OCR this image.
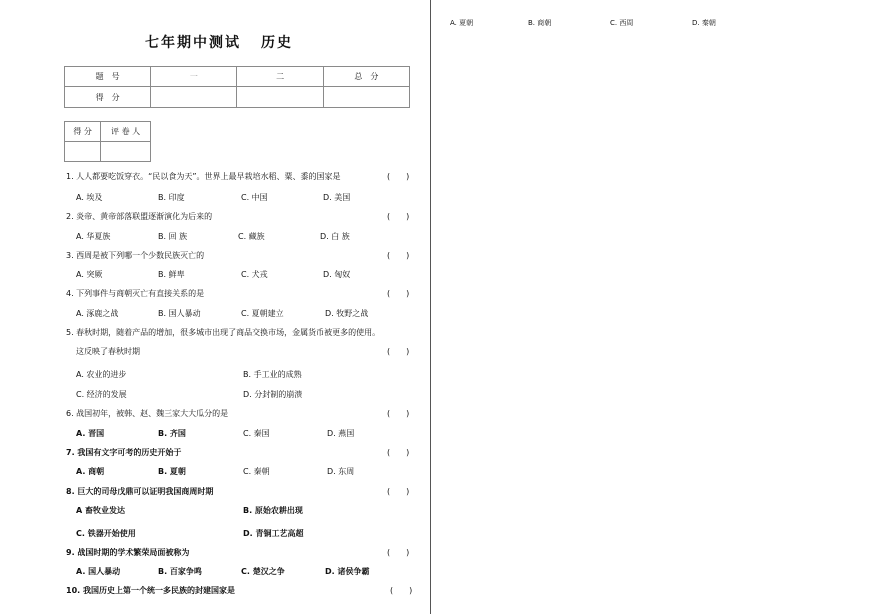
七年期中测试 历史
题　号	一	二	总　分
得　分			
得 分	评 卷 人

1. 人人都要吃饭穿衣。“民以食为天”。世界上最早栽培水稻、粟、黍的国家是	(　　)
A. 埃及	B. 印度	C. 中国	D. 美国
2. 炎帝、黄帝部落联盟逐渐演化为后来的	(　　)
A. 华夏族	B. 回 族	C. 藏族	D. 白 族
3. 西周是被下列哪一个少数民族灭亡的	(　　)
A. 突厥	B. 鲜卑	C. 犬戎	D. 匈奴
4. 下列事件与商朝灭亡有直接关系的是	(　　)
A. 涿鹿之战	B. 国人暴动	C. 夏朝建立	D. 牧野之战
5. 春秋时期，随着产品的增加，很多城市出现了商品交换市场，金属货币被更多的使用。
这反映了春秋时期	(　　)
A. 农业的进步	B. 手工业的成熟
C. 经济的发展	D. 分封制的崩溃
6. 战国初年，被韩、赵、魏三家大大瓜分的是	(　　)
A. 晋国	B. 齐国	C. 秦国	D. 燕国
7. 我国有文字可考的历史开始于	(　　)
A. 商朝	B. 夏朝	C. 秦朝	D. 东周
8. 巨大的司母戊鼎可以证明我国商周时期	(　　)
A 畜牧业发达	B. 原始农耕出现
C. 铁器开始使用	D. 青铜工艺高超
9. 战国时期的学术繁荣局面被称为	(　　)
A. 国人暴动	B. 百家争鸣	C. 楚汉之争	D. 诸侯争霸
10. 我国历史上第一个统一多民族的封建国家是	(　　)
A. 夏朝	B. 商朝	C. 西周	D. 秦朝
